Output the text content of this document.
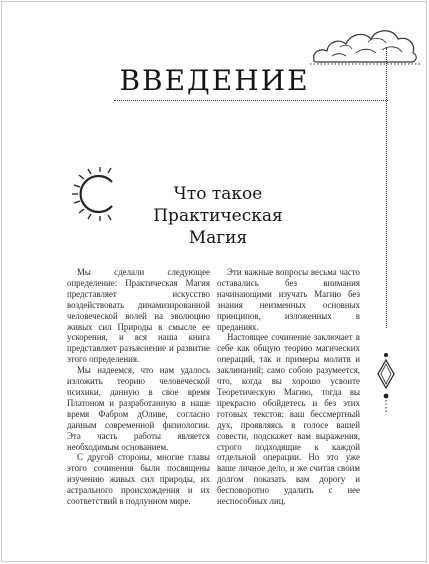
ВВЕДЕНИЕ
Что такое Практическая
Магия

Мы сделали следующее определение: Практическая Магия представляет искусство воздействовать динамизированной человеческой волей на эволюцию живых сил Природы в смысле ее ускорения, и вся наша книга представляет разъяснение и развитие этого определения.

Мы надеемся, что нам удалось изложить теорию человеческой психики, данную в свое время Платоном и разработанную в наше время Фабром дОливе, согласно данным современной физиологии. Эта часть работы является необходимым основанием.

С другой стороны, многие главы этого сочинения были посвящены изучению живых сил природы, их астрального происхождения и их соответствий в подлунном мире.

Эти важные вопросы весьма часто оставались без внимания начинающими изучать Магию без знания неизменных основных принципов, изложенных в преданиях.

Настоящее сочинение заключает в себе как общую теорию магических операций, так и примеры молитв и заклинаний; само собою разумеется, что, когда вы хорошо усвоите Теоретическую Магию, тогда вы прекрасно обойдетесь и без этих готовых текстов: ваш бессмертный дух, проявляясь в голосе вашей совести, подскажет вам выражения, строго подходящие к каждой отдельной операции. Но это уже ваше личное дело, и же считая своим долгом показать вам дорогу и бесповоротно удалить с нее неспособных лиц.
